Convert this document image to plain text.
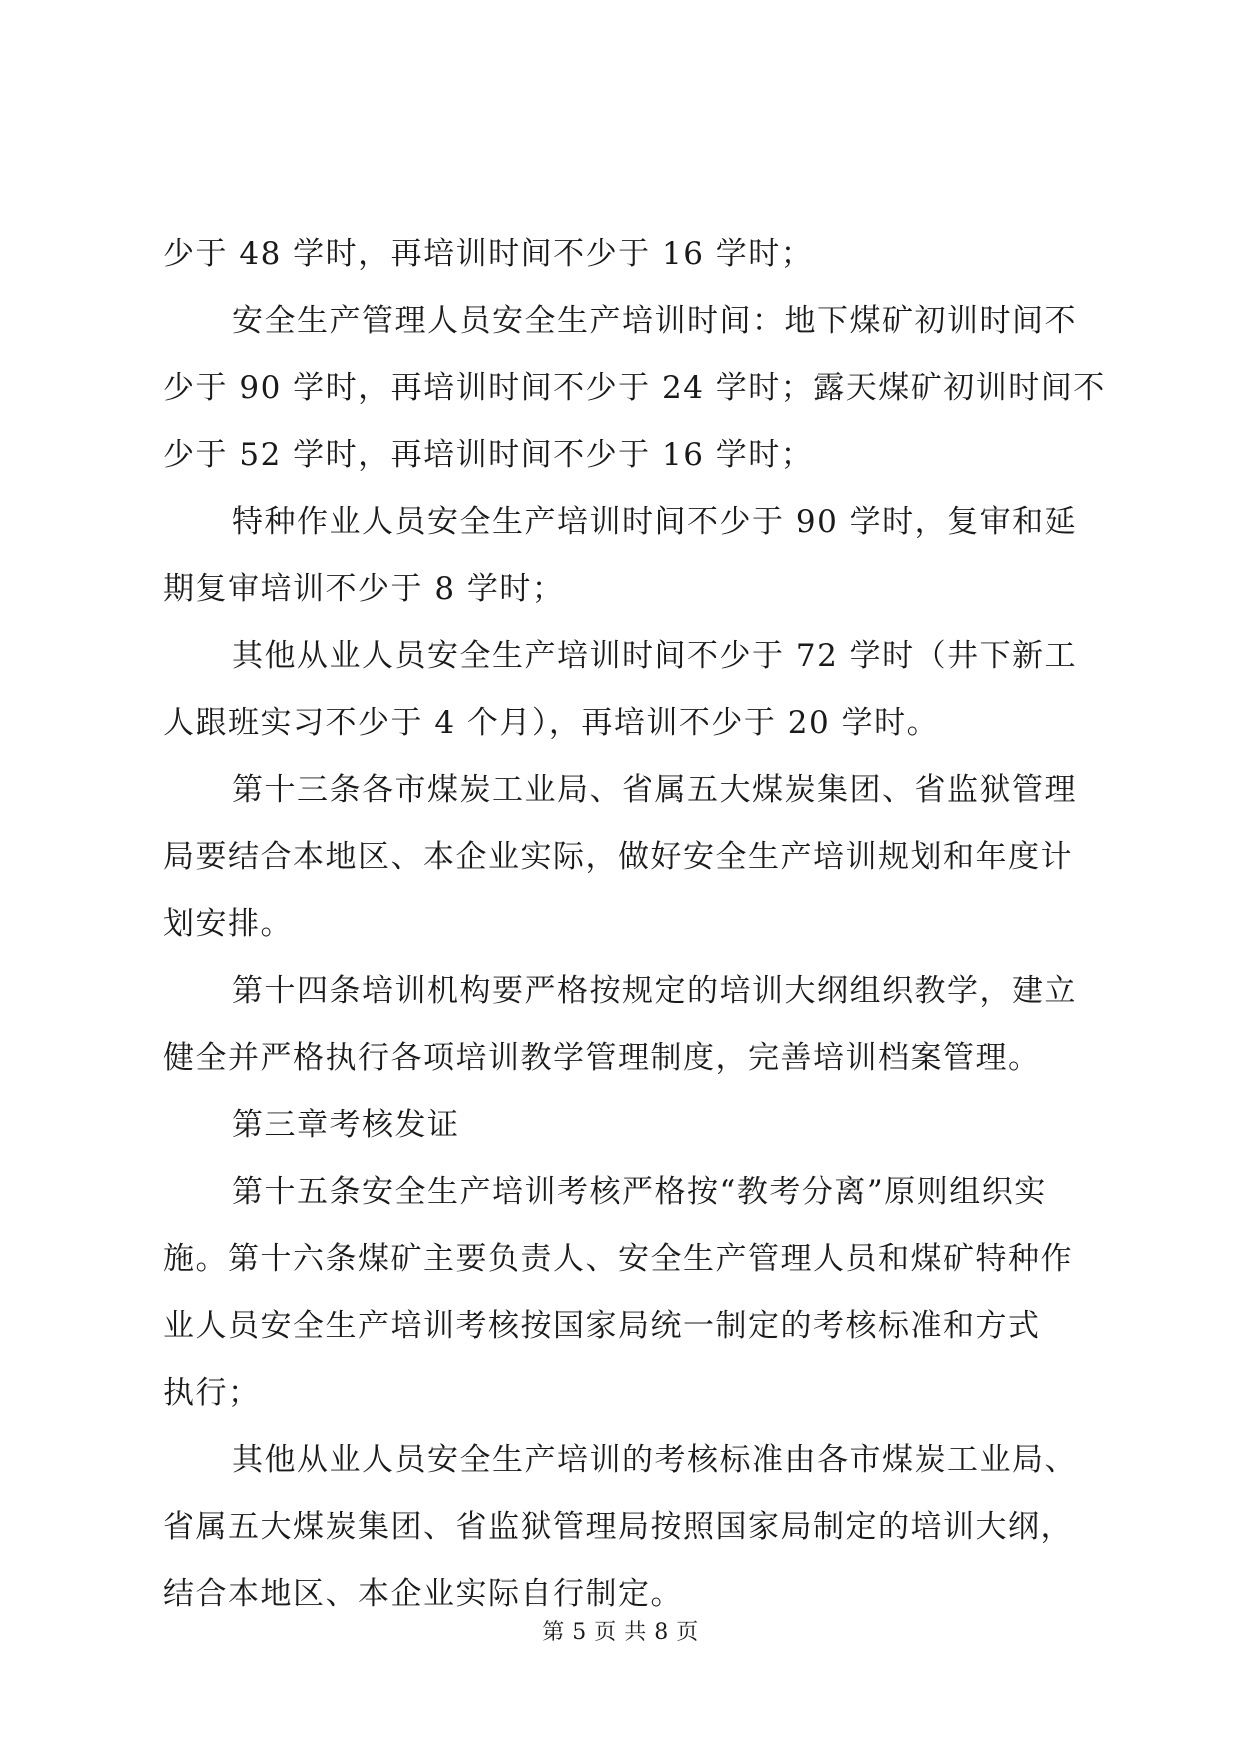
少于 48 学时，再培训时间不少于 16 学时；
安全生产管理人员安全生产培训时间：地下煤矿初训时间不
少于 90 学时，再培训时间不少于 24 学时；露天煤矿初训时间不
少于 52 学时，再培训时间不少于 16 学时；
特种作业人员安全生产培训时间不少于 90 学时，复审和延
期复审培训不少于 8 学时；
其他从业人员安全生产培训时间不少于 72 学时（井下新工
人跟班实习不少于 4 个月），再培训不少于 20 学时。
第十三条各市煤炭工业局、省属五大煤炭集团、省监狱管理
局要结合本地区、本企业实际，做好安全生产培训规划和年度计
划安排。
第十四条培训机构要严格按规定的培训大纲组织教学，建立
健全并严格执行各项培训教学管理制度，完善培训档案管理。
第三章考核发证
第十五条安全生产培训考核严格按“教考分离”原则组织实
施。第十六条煤矿主要负责人、安全生产管理人员和煤矿特种作
业人员安全生产培训考核按国家局统一制定的考核标准和方式
执行；
其他从业人员安全生产培训的考核标准由各市煤炭工业局、
省属五大煤炭集团、省监狱管理局按照国家局制定的培训大纲，
结合本地区、本企业实际自行制定。
第 5 页 共 8 页
